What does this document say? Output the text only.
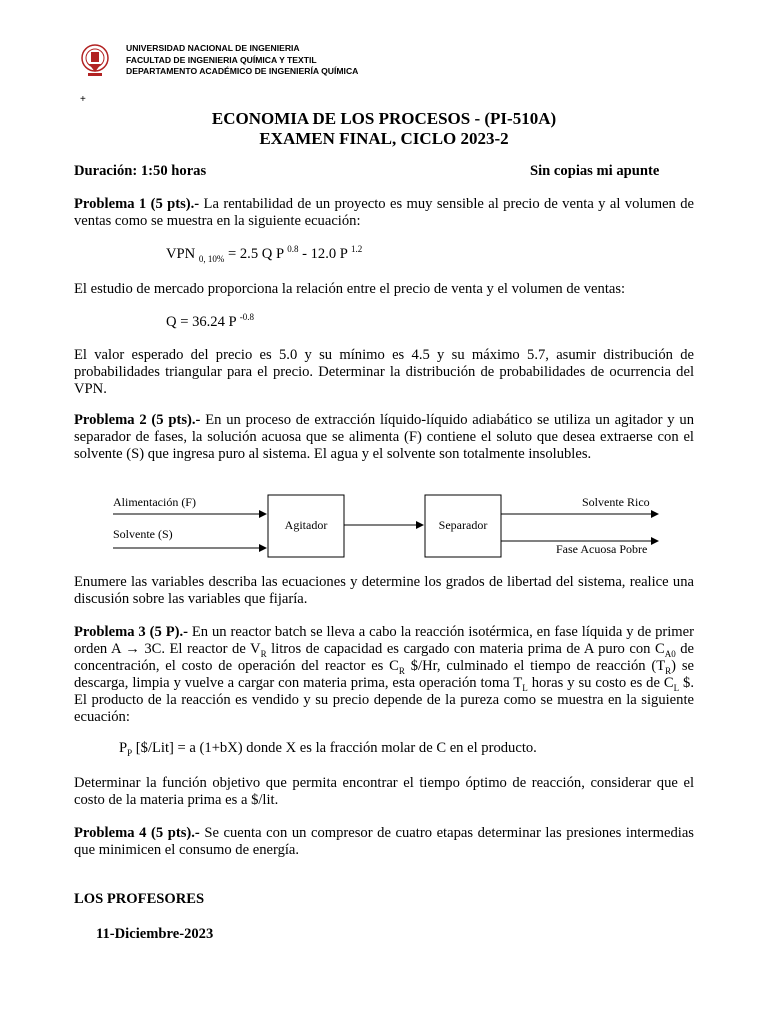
UNIVERSIDAD NACIONAL DE INGENIERIA
FACULTAD DE INGENIERIA QUÍMICA Y TEXTIL
DEPARTAMENTO ACADÉMICO DE INGENIERÍA QUÍMICA
+
ECONOMIA DE LOS PROCESOS - (PI-510A)
EXAMEN FINAL, CICLO 2023-2
Duración: 1:50 horas	Sin copias mi apunte
Problema 1 (5 pts).- La rentabilidad de un proyecto es muy sensible al precio de venta y al volumen de ventas como se muestra en la siguiente ecuación:
VPN $_{0, 10\%}$ = 2.5 Q P $^{0.8}$ - 12.0 P $^{1.2}$
El estudio de mercado proporciona la relación entre el precio de venta y el volumen de ventas:
Q = 36.24 P $^{-0.8}$
El valor esperado del precio es 5.0 y su mínimo es 4.5 y su máximo 5.7, asumir distribución de probabilidades triangular para el precio. Determinar la distribución de probabilidades de ocurrencia del VPN.
Problema 2 (5 pts).- En un proceso de extracción líquido-líquido adiabático se utiliza un agitador y un separador de fases, la solución acuosa que se alimenta (F) contiene el soluto que desea extraerse con el solvente (S) que ingresa puro al sistema. El agua y el solvente son totalmente insolubles.
Alimentación (F)
Solvente (S)
Agitador	Separador
Solvente Rico
Fase Acuosa Pobre
Enumere las variables describa las ecuaciones y determine los grados de libertad del sistema, realice una discusión sobre las variables que fijaría.
Problema 3 (5 P).- En un reactor batch se lleva a cabo la reacción isotérmica, en fase líquida y de primer orden A → 3C. El reactor de $V_R$ litros de capacidad es cargado con materia prima de A puro con $C_{A0}$ de concentración, el costo de operación del reactor es $C_R$ $/Hr, culminado el tiempo de reacción $(T_R)$ se descarga, limpia y vuelve a cargar con materia prima, esta operación toma $T_L$ horas y su costo es de $C_L$ $. El producto de la reacción es vendido y su precio depende de la pureza como se muestra en la siguiente ecuación:
$P_P$ [$/Lit] = a (1+bX) donde X es la fracción molar de C en el producto.
Determinar la función objetivo que permita encontrar el tiempo óptimo de reacción, considerar que el costo de la materia prima es a $/lit.
Problema 4 (5 pts).- Se cuenta con un compresor de cuatro etapas determinar las presiones intermedias que minimicen el consumo de energía.
LOS PROFESORES
11-Diciembre-2023
